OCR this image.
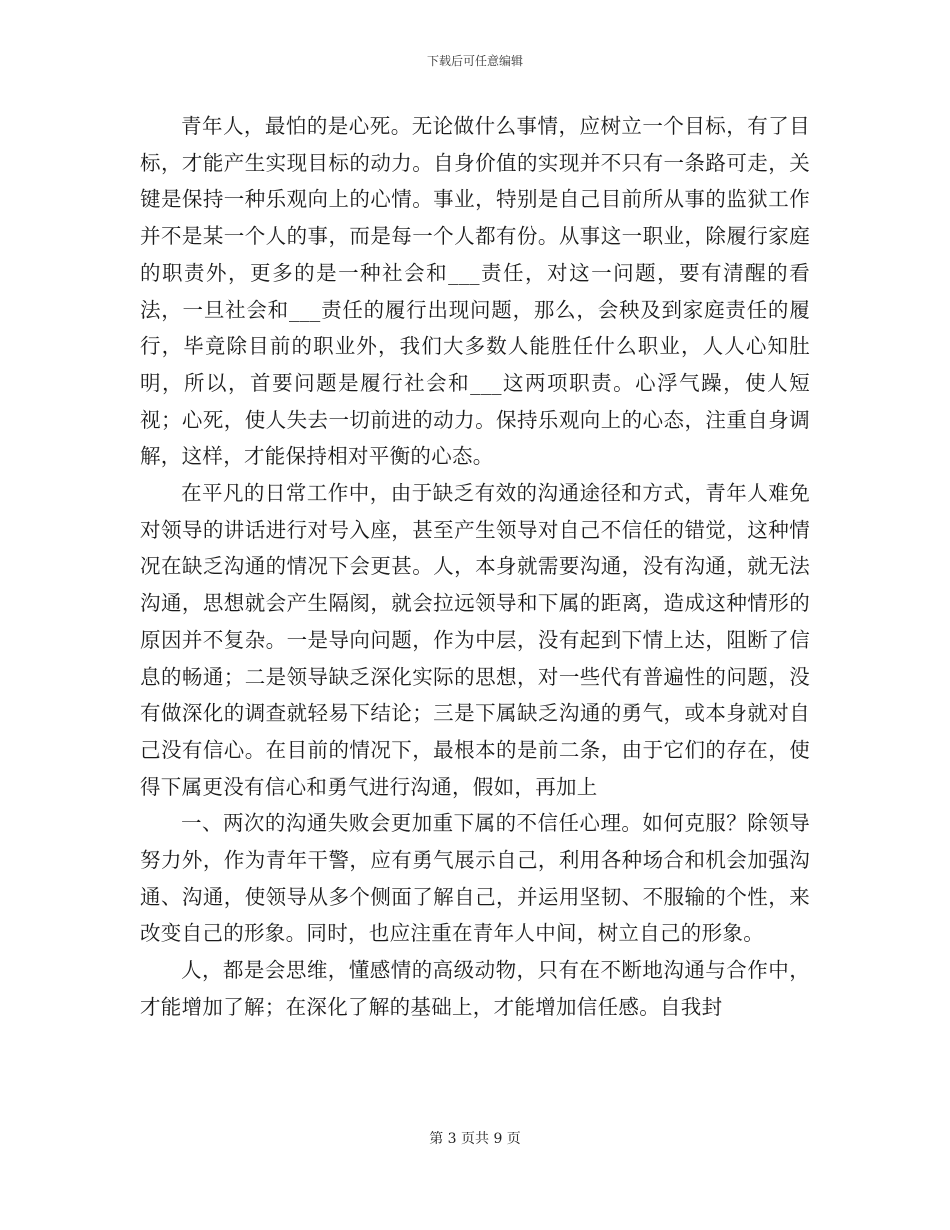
下载后可任意编辑

青年人，最怕的是心死。无论做什么事情，应树立一个目标，有了目标，才能产生实现目标的动力。自身价值的实现并不只有一条路可走，关键是保持一种乐观向上的心情。事业，特别是自己目前所从事的监狱工作并不是某一个人的事，而是每一个人都有份。从事这一职业，除履行家庭的职责外，更多的是一种社会和___责任，对这一问题，要有清醒的看法，一旦社会和___责任的履行出现问题，那么，会秧及到家庭责任的履行，毕竟除目前的职业外，我们大多数人能胜任什么职业，人人心知肚明，所以，首要问题是履行社会和___这两项职责。心浮气躁，使人短视；心死，使人失去一切前进的动力。保持乐观向上的心态，注重自身调解，这样，才能保持相对平衡的心态。

在平凡的日常工作中，由于缺乏有效的沟通途径和方式，青年人难免对领导的讲话进行对号入座，甚至产生领导对自己不信任的错觉，这种情况在缺乏沟通的情况下会更甚。人，本身就需要沟通，没有沟通，就无法沟通，思想就会产生隔阂，就会拉远领导和下属的距离，造成这种情形的原因并不复杂。一是导向问题，作为中层，没有起到下情上达，阻断了信息的畅通；二是领导缺乏深化实际的思想，对一些代有普遍性的问题，没有做深化的调查就轻易下结论；三是下属缺乏沟通的勇气，或本身就对自己没有信心。在目前的情况下，最根本的是前二条，由于它们的存在，使得下属更没有信心和勇气进行沟通，假如，再加上

一、两次的沟通失败会更加重下属的不信任心理。如何克服？除领导努力外，作为青年干警，应有勇气展示自己，利用各种场合和机会加强沟通、沟通，使领导从多个侧面了解自己，并运用坚韧、不服输的个性，来改变自己的形象。同时，也应注重在青年人中间，树立自己的形象。

人，都是会思维，懂感情的高级动物，只有在不断地沟通与合作中，才能增加了解；在深化了解的基础上，才能增加信任感。自我封

第 3 页共 9 页
